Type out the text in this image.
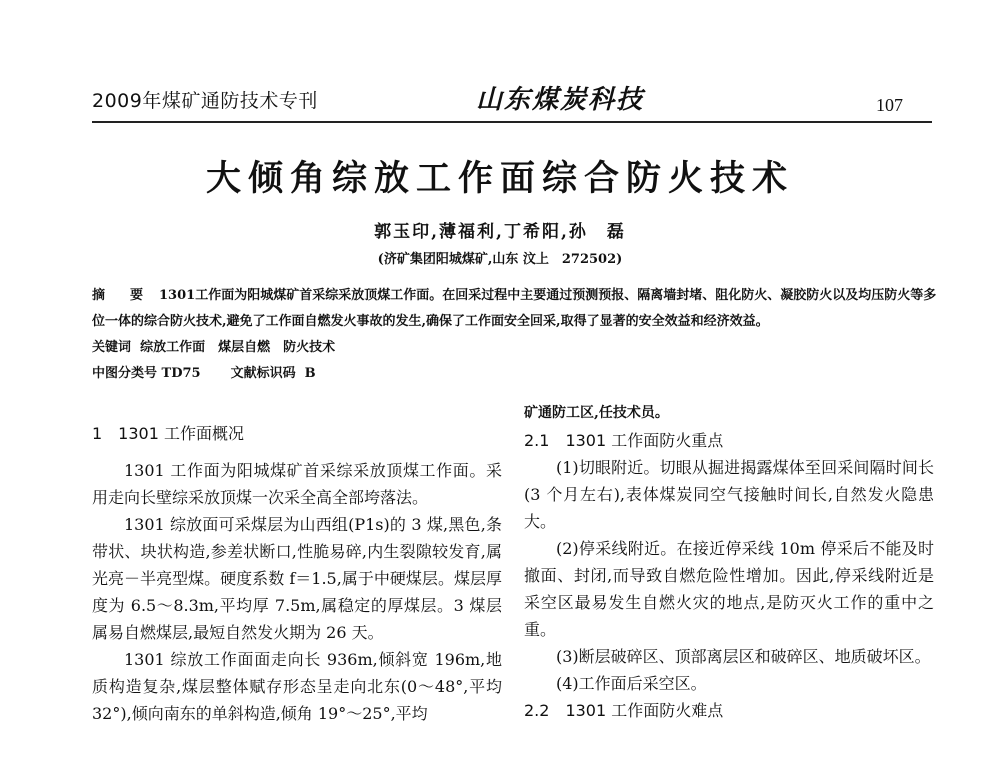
2009年煤矿通防技术专刊	山东煤炭科技	107
大倾角综放工作面综合防火技术
郭玉印,薄福利,丁希阳,孙　磊
(济矿集团阳城煤矿,山东 汶上　272502)
摘　要 1301工作面为阳城煤矿首采综采放顶煤工作面。在回采过程中主要通过预测预报、隔离墙封堵、阻化防火、凝胶防火以及均压防火等多位一体的综合防火技术,避免了工作面自燃发火事故的发生,确保了工作面安全回采,取得了显著的安全效益和经济效益。
关键词 综放工作面　煤层自燃　防火技术
中图分类号 TD75 文献标识码 B
1　1301 工作面概况

1301 工作面为阳城煤矿首采综采放顶煤工作面。采用走向长壁综采放顶煤一次采全高全部垮落法。

1301 综放面可采煤层为山西组(P1s)的 3 煤,黑色,条带状、块状构造,参差状断口,性脆易碎,内生裂隙较发育,属光亮－半亮型煤。硬度系数 f＝1.5,属于中硬煤层。煤层厚度为 6.5～8.3m,平均厚 7.5m,属稳定的厚煤层。3 煤层属易自燃煤层,最短自然发火期为 26 天。

1301 综放工作面面走向长 936m,倾斜宽 196m,地质构造复杂,煤层整体赋存形态呈走向北东(0～48°,平均 32°),倾向南东的单斜构造,倾角 19°～25°,平均

矿通防工区,任技术员。

2.1　1301 工作面防火重点

(1)切眼附近。切眼从掘进揭露煤体至回采间隔时间长(3 个月左右),表体煤炭同空气接触时间长,自然发火隐患大。

(2)停采线附近。在接近停采线 10m 停采后不能及时撤面、封闭,而导致自燃危险性增加。因此,停采线附近是采空区最易发生自燃火灾的地点,是防灭火工作的重中之重。

(3)断层破碎区、顶部离层区和破碎区、地质破坏区。

(4)工作面后采空区。

2.2　1301 工作面防火难点
